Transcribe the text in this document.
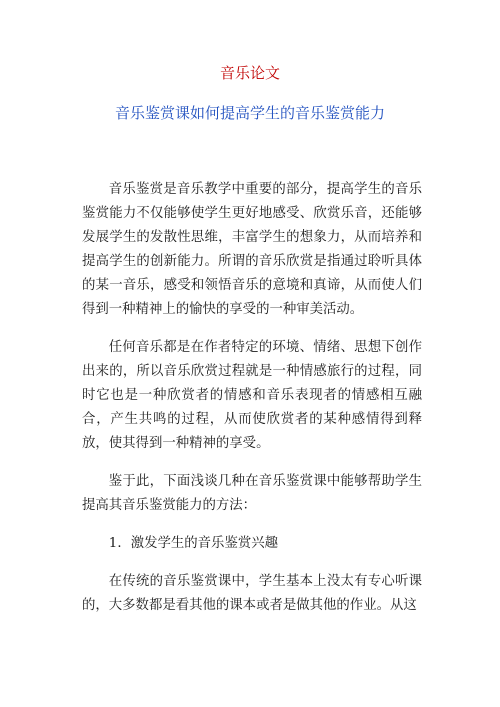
音乐论文
音乐鉴赏课如何提高学生的音乐鉴赏能力

音乐鉴赏是音乐教学中重要的部分，提高学生的音乐鉴赏能力不仅能够使学生更好地感受、欣赏乐音，还能够发展学生的发散性思维，丰富学生的想象力，从而培养和提高学生的创新能力。所谓的音乐欣赏是指通过聆听具体的某一音乐，感受和领悟音乐的意境和真谛，从而使人们得到一种精神上的愉快的享受的一种审美活动。

任何音乐都是在作者特定的环境、情绪、思想下创作出来的，所以音乐欣赏过程就是一种情感旅行的过程，同时它也是一种欣赏者的情感和音乐表现者的情感相互融合，产生共鸣的过程，从而使欣赏者的某种感情得到释放，使其得到一种精神的享受。

鉴于此，下面浅谈几种在音乐鉴赏课中能够帮助学生提高其音乐鉴赏能力的方法：

1．激发学生的音乐鉴赏兴趣

在传统的音乐鉴赏课中，学生基本上没太有专心听课的，大多数都是看其他的课本或者是做其他的作业。从这
